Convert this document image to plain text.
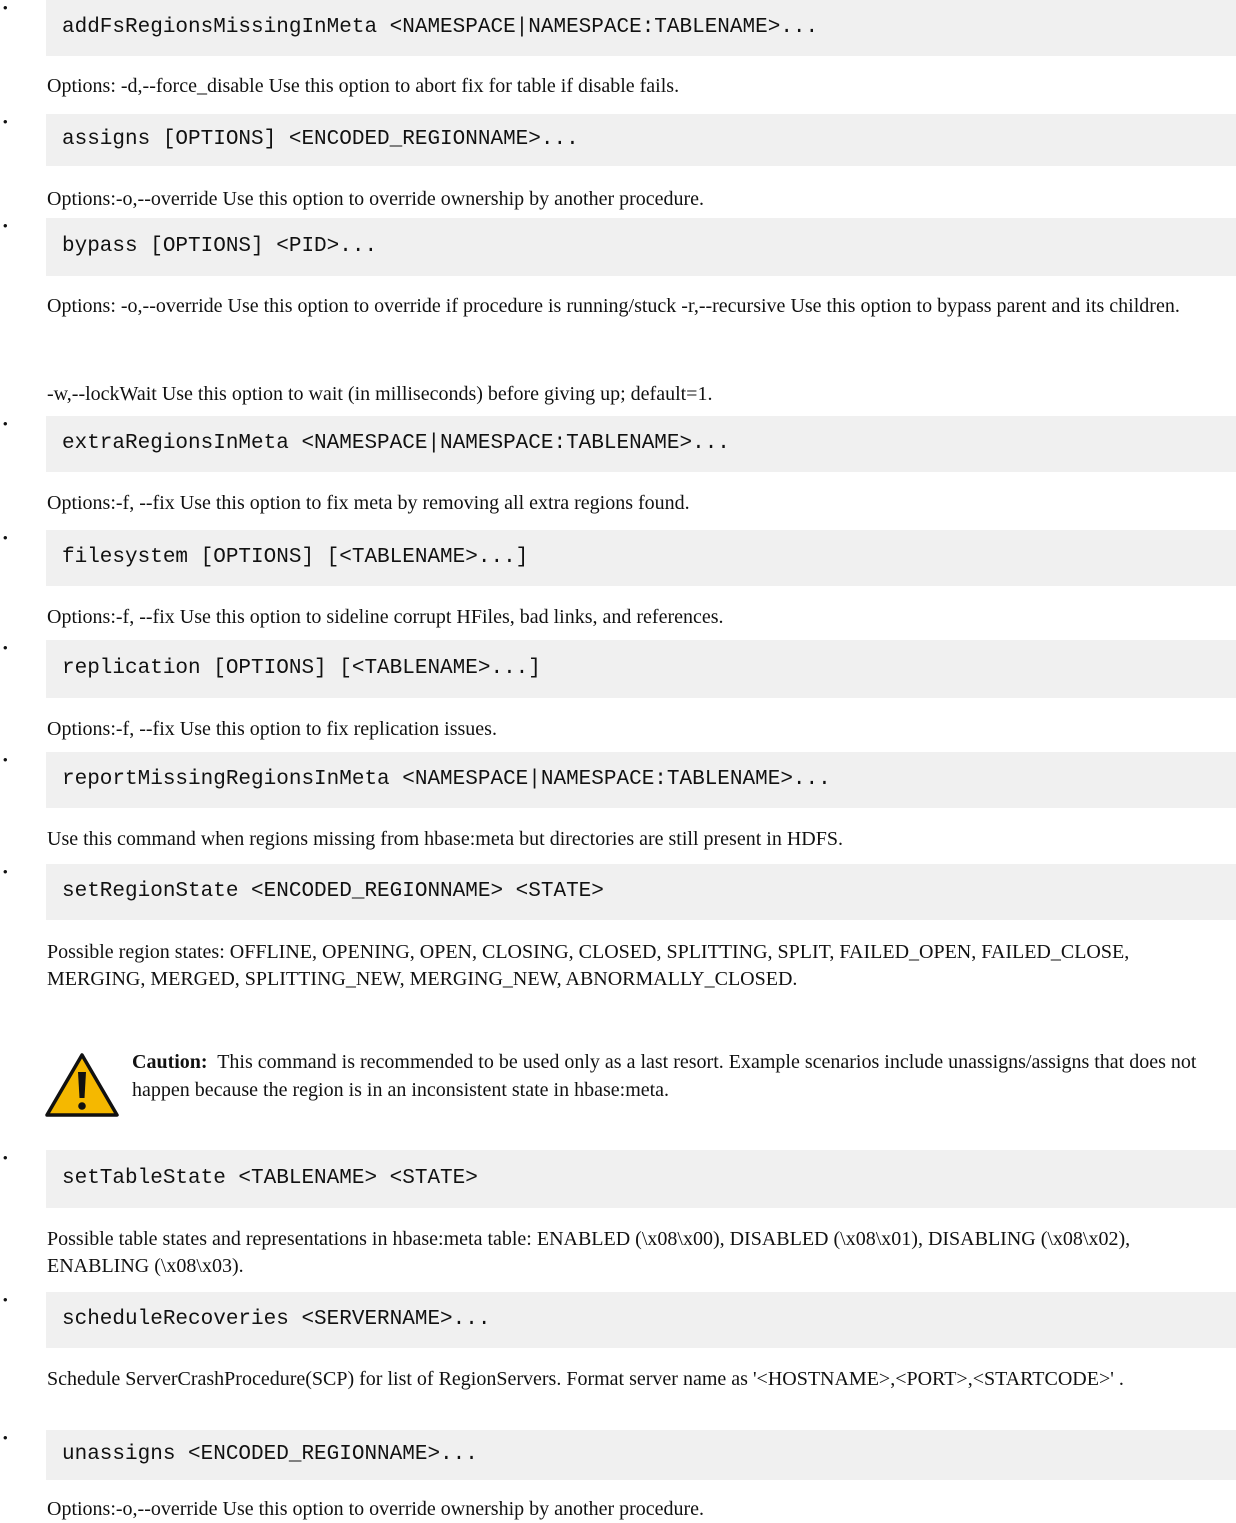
•
addFsRegionsMissingInMeta <NAMESPACE|NAMESPACE:TABLENAME>...

Options: -d,--force_disable Use this option to abort fix for table if disable fails.

•
assigns [OPTIONS] <ENCODED_REGIONNAME>...

Options:-o,--override Use this option to override ownership by another procedure.

•
bypass [OPTIONS] <PID>...

Options: -o,--override Use this option to override if procedure is running/stuck -r,--recursive Use this option to bypass parent and its children.

-w,--lockWait Use this option to wait (in milliseconds) before giving up; default=1.

•
extraRegionsInMeta <NAMESPACE|NAMESPACE:TABLENAME>...

Options:-f, --fix Use this option to fix meta by removing all extra regions found.

•
filesystem [OPTIONS] [<TABLENAME>...]

Options:-f, --fix Use this option to sideline corrupt HFiles, bad links, and references.

•
replication [OPTIONS] [<TABLENAME>...]

Options:-f, --fix Use this option to fix replication issues.

•
reportMissingRegionsInMeta <NAMESPACE|NAMESPACE:TABLENAME>...

Use this command when regions missing from hbase:meta but directories are still present in HDFS.

•
setRegionState <ENCODED_REGIONNAME> <STATE>

Possible region states: OFFLINE, OPENING, OPEN, CLOSING, CLOSED, SPLITTING, SPLIT, FAILED_OPEN, FAILED_CLOSE, MERGING, MERGED, SPLITTING_NEW, MERGING_NEW, ABNORMALLY_CLOSED.

Caution: This command is recommended to be used only as a last resort. Example scenarios include unassigns/assigns that does not happen because the region is in an inconsistent state in hbase:meta.

•
setTableState <TABLENAME> <STATE>

Possible table states and representations in hbase:meta table: ENABLED (\x08\x00), DISABLED (\x08\x01), DISABLING (\x08\x02), ENABLING (\x08\x03).

•
scheduleRecoveries <SERVERNAME>...

Schedule ServerCrashProcedure(SCP) for list of RegionServers. Format server name as '<HOSTNAME>,<PORT>,<STARTCODE>' .

•
unassigns <ENCODED_REGIONNAME>...

Options:-o,--override Use this option to override ownership by another procedure.
